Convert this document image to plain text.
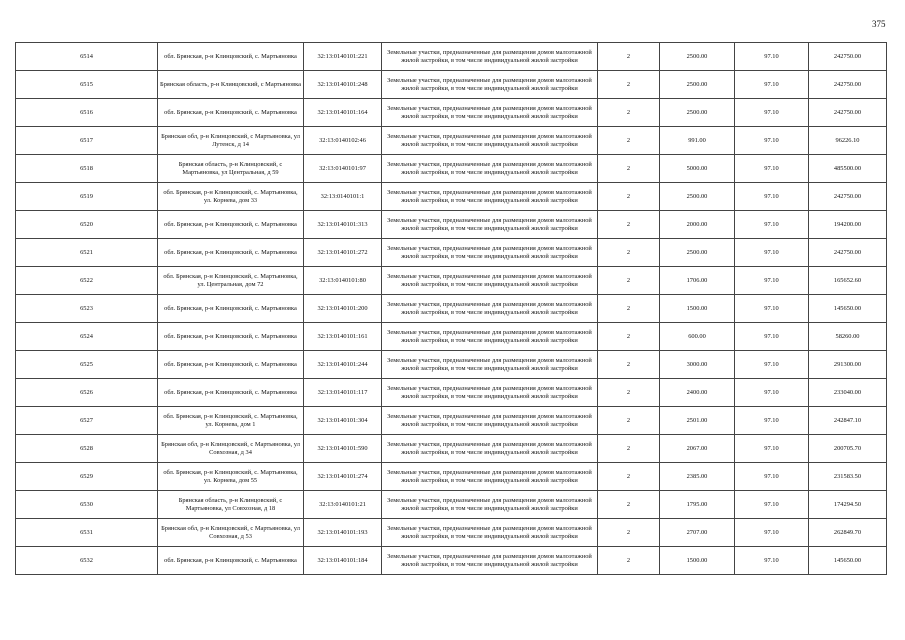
375
6514	обл. Брянская, р-н Клинцовский, с. Мартьяновка	32:13:0140101:221	Земельные участки, предназначенные для размещения домов малоэтажной жилой застройки, в том числе индивидуальной жилой застройки	2	2500.00	97.10	242750.00
6515	Брянская область, р-н Клинцовский, с Мартьяновка	32:13:0140101:248	Земельные участки, предназначенные для размещения домов малоэтажной жилой застройки, в том числе индивидуальной жилой застройки	2	2500.00	97.10	242750.00
6516	обл. Брянская, р-н Клинцовский, с. Мартьяновка	32:13:0140101:164	Земельные участки, предназначенные для размещения домов малоэтажной жилой застройки, в том числе индивидуальной жилой застройки	2	2500.00	97.10	242750.00
6517	Брянская обл, р-н Клинцовский, с Мартьяновка, ул Лутенск, д 14	32:13:0140102:46	Земельные участки, предназначенные для размещения домов малоэтажной жилой застройки, в том числе индивидуальной жилой застройки	2	991.00	97.10	96226.10
6518	Брянская область, р-н Клинцовский, с Мартьяновка, ул Центральная, д 59	32:13:0140101:97	Земельные участки, предназначенные для размещения домов малоэтажной жилой застройки, в том числе индивидуальной жилой застройки	2	5000.00	97.10	485500.00
6519	обл. Брянская, р-н Клинцовский, с. Мартьяновка, ул. Корнева, дом 33	32:13:0140101:1	Земельные участки, предназначенные для размещения домов малоэтажной жилой застройки, в том числе индивидуальной жилой застройки	2	2500.00	97.10	242750.00
6520	обл. Брянская, р-н Клинцовский, с. Мартьяновка	32:13:0140101:313	Земельные участки, предназначенные для размещения домов малоэтажной жилой застройки, в том числе индивидуальной жилой застройки	2	2000.00	97.10	194200.00
6521	обл. Брянская, р-н Клинцовский, с. Мартьяновка	32:13:0140101:272	Земельные участки, предназначенные для размещения домов малоэтажной жилой застройки, в том числе индивидуальной жилой застройки	2	2500.00	97.10	242750.00
6522	обл. Брянская, р-н Клинцовский, с. Мартьяновка, ул. Центральная, дом 72	32:13:0140101:80	Земельные участки, предназначенные для размещения домов малоэтажной жилой застройки, в том числе индивидуальной жилой застройки	2	1706.00	97.10	165652.60
6523	обл. Брянская, р-н Клинцовский, с. Мартьяновка	32:13:0140101:200	Земельные участки, предназначенные для размещения домов малоэтажной жилой застройки, в том числе индивидуальной жилой застройки	2	1500.00	97.10	145650.00
6524	обл. Брянская, р-н Клинцовский, с. Мартьяновка	32:13:0140101:161	Земельные участки, предназначенные для размещения домов малоэтажной жилой застройки, в том числе индивидуальной жилой застройки	2	600.00	97.10	58260.00
6525	обл. Брянская, р-н Клинцовский, с. Мартьяновка	32:13:0140101:244	Земельные участки, предназначенные для размещения домов малоэтажной жилой застройки, в том числе индивидуальной жилой застройки	2	3000.00	97.10	291300.00
6526	обл. Брянская, р-н Клинцовский, с. Мартьяновка	32:13:0140101:117	Земельные участки, предназначенные для размещения домов малоэтажной жилой застройки, в том числе индивидуальной жилой застройки	2	2400.00	97.10	233040.00
6527	обл. Брянская, р-н Клинцовский, с. Мартьяновка, ул. Корнева, дом 1	32:13:0140101:304	Земельные участки, предназначенные для размещения домов малоэтажной жилой застройки, в том числе индивидуальной жилой застройки	2	2501.00	97.10	242847.10
6528	Брянская обл, р-н Клинцовский, с Мартьяновка, ул Совхозная, д 34	32:13:0140101:590	Земельные участки, предназначенные для размещения домов малоэтажной жилой застройки, в том числе индивидуальной жилой застройки	2	2067.00	97.10	200705.70
6529	обл. Брянская, р-н Клинцовский, с. Мартьяновка, ул. Корнева, дом 55	32:13:0140101:274	Земельные участки, предназначенные для размещения домов малоэтажной жилой застройки, в том числе индивидуальной жилой застройки	2	2385.00	97.10	231583.50
6530	Брянская область, р-н Клинцовский, с Мартьяновка, ул Совхозная, д 18	32:13:0140101:21	Земельные участки, предназначенные для размещения домов малоэтажной жилой застройки, в том числе индивидуальной жилой застройки	2	1795.00	97.10	174294.50
6531	Брянская обл, р-н Клинцовский, с Мартьяновка, ул Совхозная, д 53	32:13:0140101:193	Земельные участки, предназначенные для размещения домов малоэтажной жилой застройки, в том числе индивидуальной жилой застройки	2	2707.00	97.10	262849.70
6532	обл. Брянская, р-н Клинцовский, с. Мартьяновка	32:13:0140101:184	Земельные участки, предназначенные для размещения домов малоэтажной жилой застройки, в том числе индивидуальной жилой застройки	2	1500.00	97.10	145650.00
